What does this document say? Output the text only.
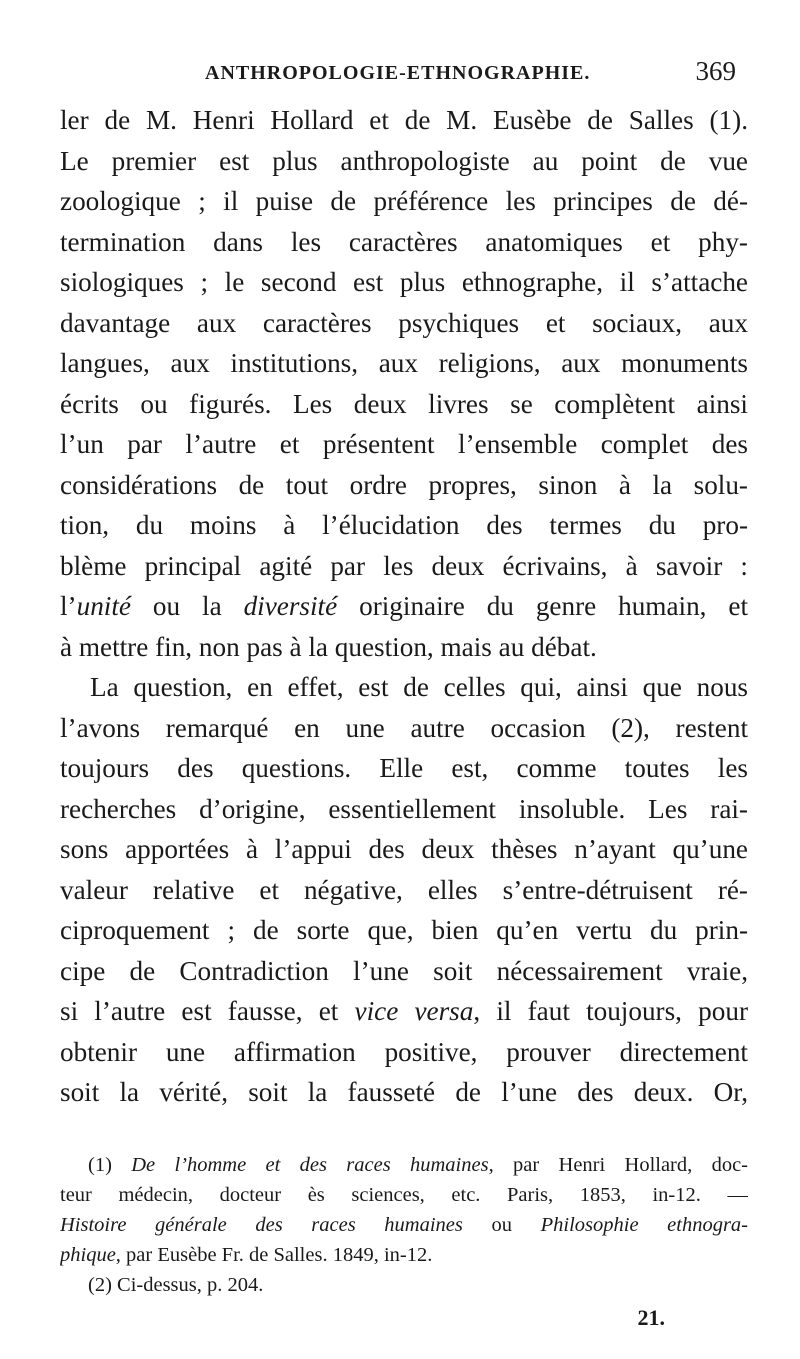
ANTHROPOLOGIE-ETHNOGRAPHIE.	369

ler de M. Henri Hollard et de M. Eusèbe de Salles (1).
Le premier est plus anthropologiste au point de vue
zoologique ; il puise de préférence les principes de dé-
termination dans les caractères anatomiques et phy-
siologiques ; le second est plus ethnographe, il s’attache
davantage aux caractères psychiques et sociaux, aux
langues, aux institutions, aux religions, aux monuments
écrits ou figurés. Les deux livres se complètent ainsi
l’un par l’autre et présentent l’ensemble complet des
considérations de tout ordre propres, sinon à la solu-
tion, du moins à l’élucidation des termes du pro-
blème principal agité par les deux écrivains, à savoir :
l’unité ou la diversité originaire du genre humain, et
à mettre fin, non pas à la question, mais au débat.

La question, en effet, est de celles qui, ainsi que nous
l’avons remarqué en une autre occasion (2), restent
toujours des questions. Elle est, comme toutes les
recherches d’origine, essentiellement insoluble. Les rai-
sons apportées à l’appui des deux thèses n’ayant qu’une
valeur relative et négative, elles s’entre-détruisent ré-
ciproquement ; de sorte que, bien qu’en vertu du prin-
cipe de Contradiction l’une soit nécessairement vraie,
si l’autre est fausse, et vice versa, il faut toujours, pour
obtenir une affirmation positive, prouver directement
soit la vérité, soit la fausseté de l’une des deux. Or,

(1) De l’homme et des races humaines, par Henri Hollard, doc-
teur médecin, docteur ès sciences, etc. Paris, 1853, in-12. —
Histoire générale des races humaines ou Philosophie ethnogra-
phique, par Eusèbe Fr. de Salles. 1849, in-12.
(2) Ci-dessus, p. 204.
21.
